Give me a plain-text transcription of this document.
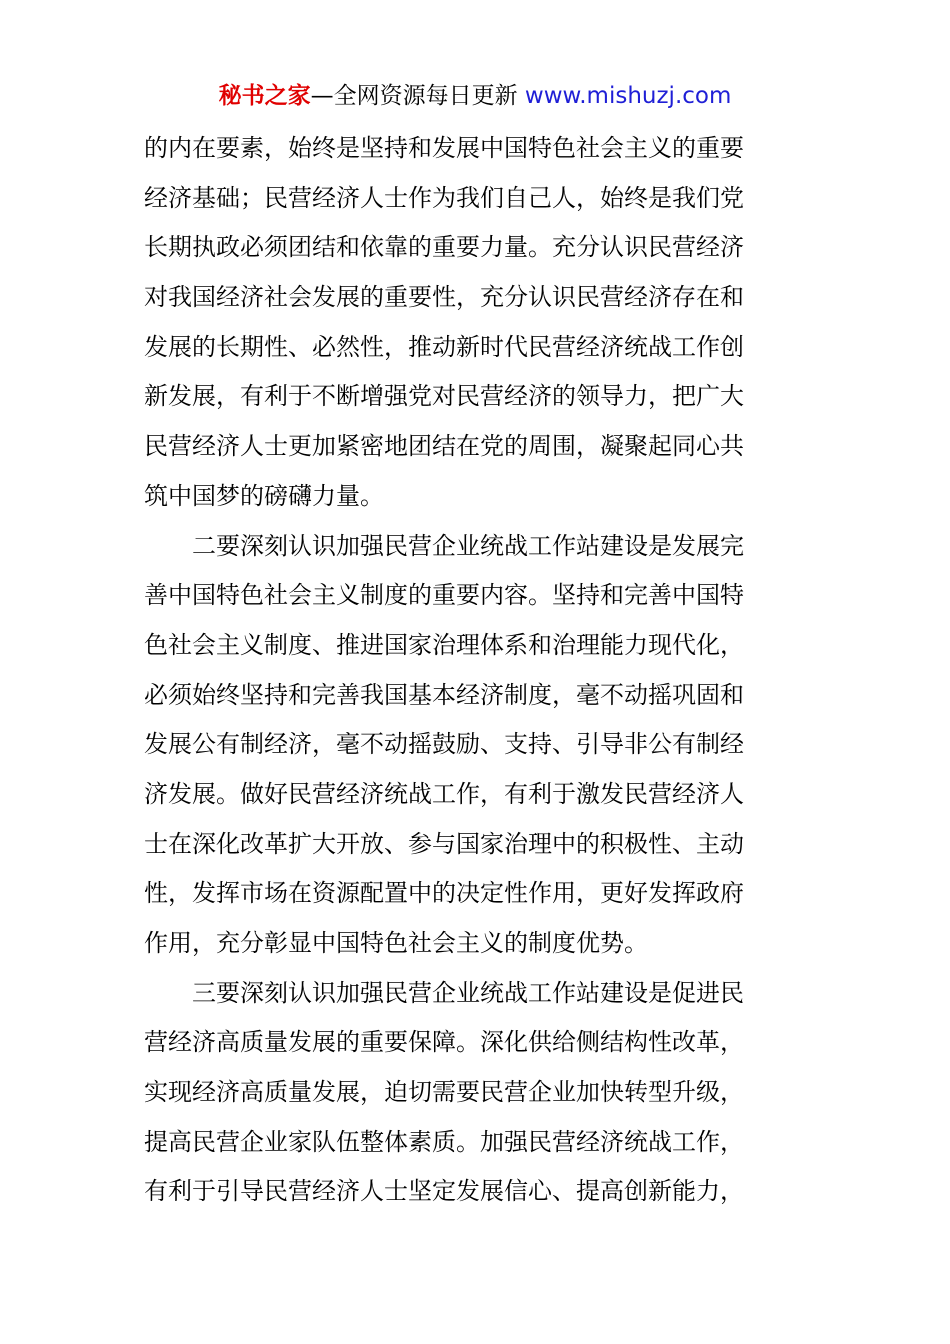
秘书之家—全网资源每日更新 www.mishuzj.com
的内在要素，始终是坚持和发展中国特色社会主义的重要
经济基础；民营经济人士作为我们自己人，始终是我们党
长期执政必须团结和依靠的重要力量。充分认识民营经济
对我国经济社会发展的重要性，充分认识民营经济存在和
发展的长期性、必然性，推动新时代民营经济统战工作创
新发展，有利于不断增强党对民营经济的领导力，把广大
民营经济人士更加紧密地团结在党的周围，凝聚起同心共
筑中国梦的磅礴力量。
二要深刻认识加强民营企业统战工作站建设是发展完
善中国特色社会主义制度的重要内容。坚持和完善中国特
色社会主义制度、推进国家治理体系和治理能力现代化，
必须始终坚持和完善我国基本经济制度，毫不动摇巩固和
发展公有制经济，毫不动摇鼓励、支持、引导非公有制经
济发展。做好民营经济统战工作，有利于激发民营经济人
士在深化改革扩大开放、参与国家治理中的积极性、主动
性，发挥市场在资源配置中的决定性作用，更好发挥政府
作用，充分彰显中国特色社会主义的制度优势。
三要深刻认识加强民营企业统战工作站建设是促进民
营经济高质量发展的重要保障。深化供给侧结构性改革，
实现经济高质量发展，迫切需要民营企业加快转型升级，
提高民营企业家队伍整体素质。加强民营经济统战工作，
有利于引导民营经济人士坚定发展信心、提高创新能力，
